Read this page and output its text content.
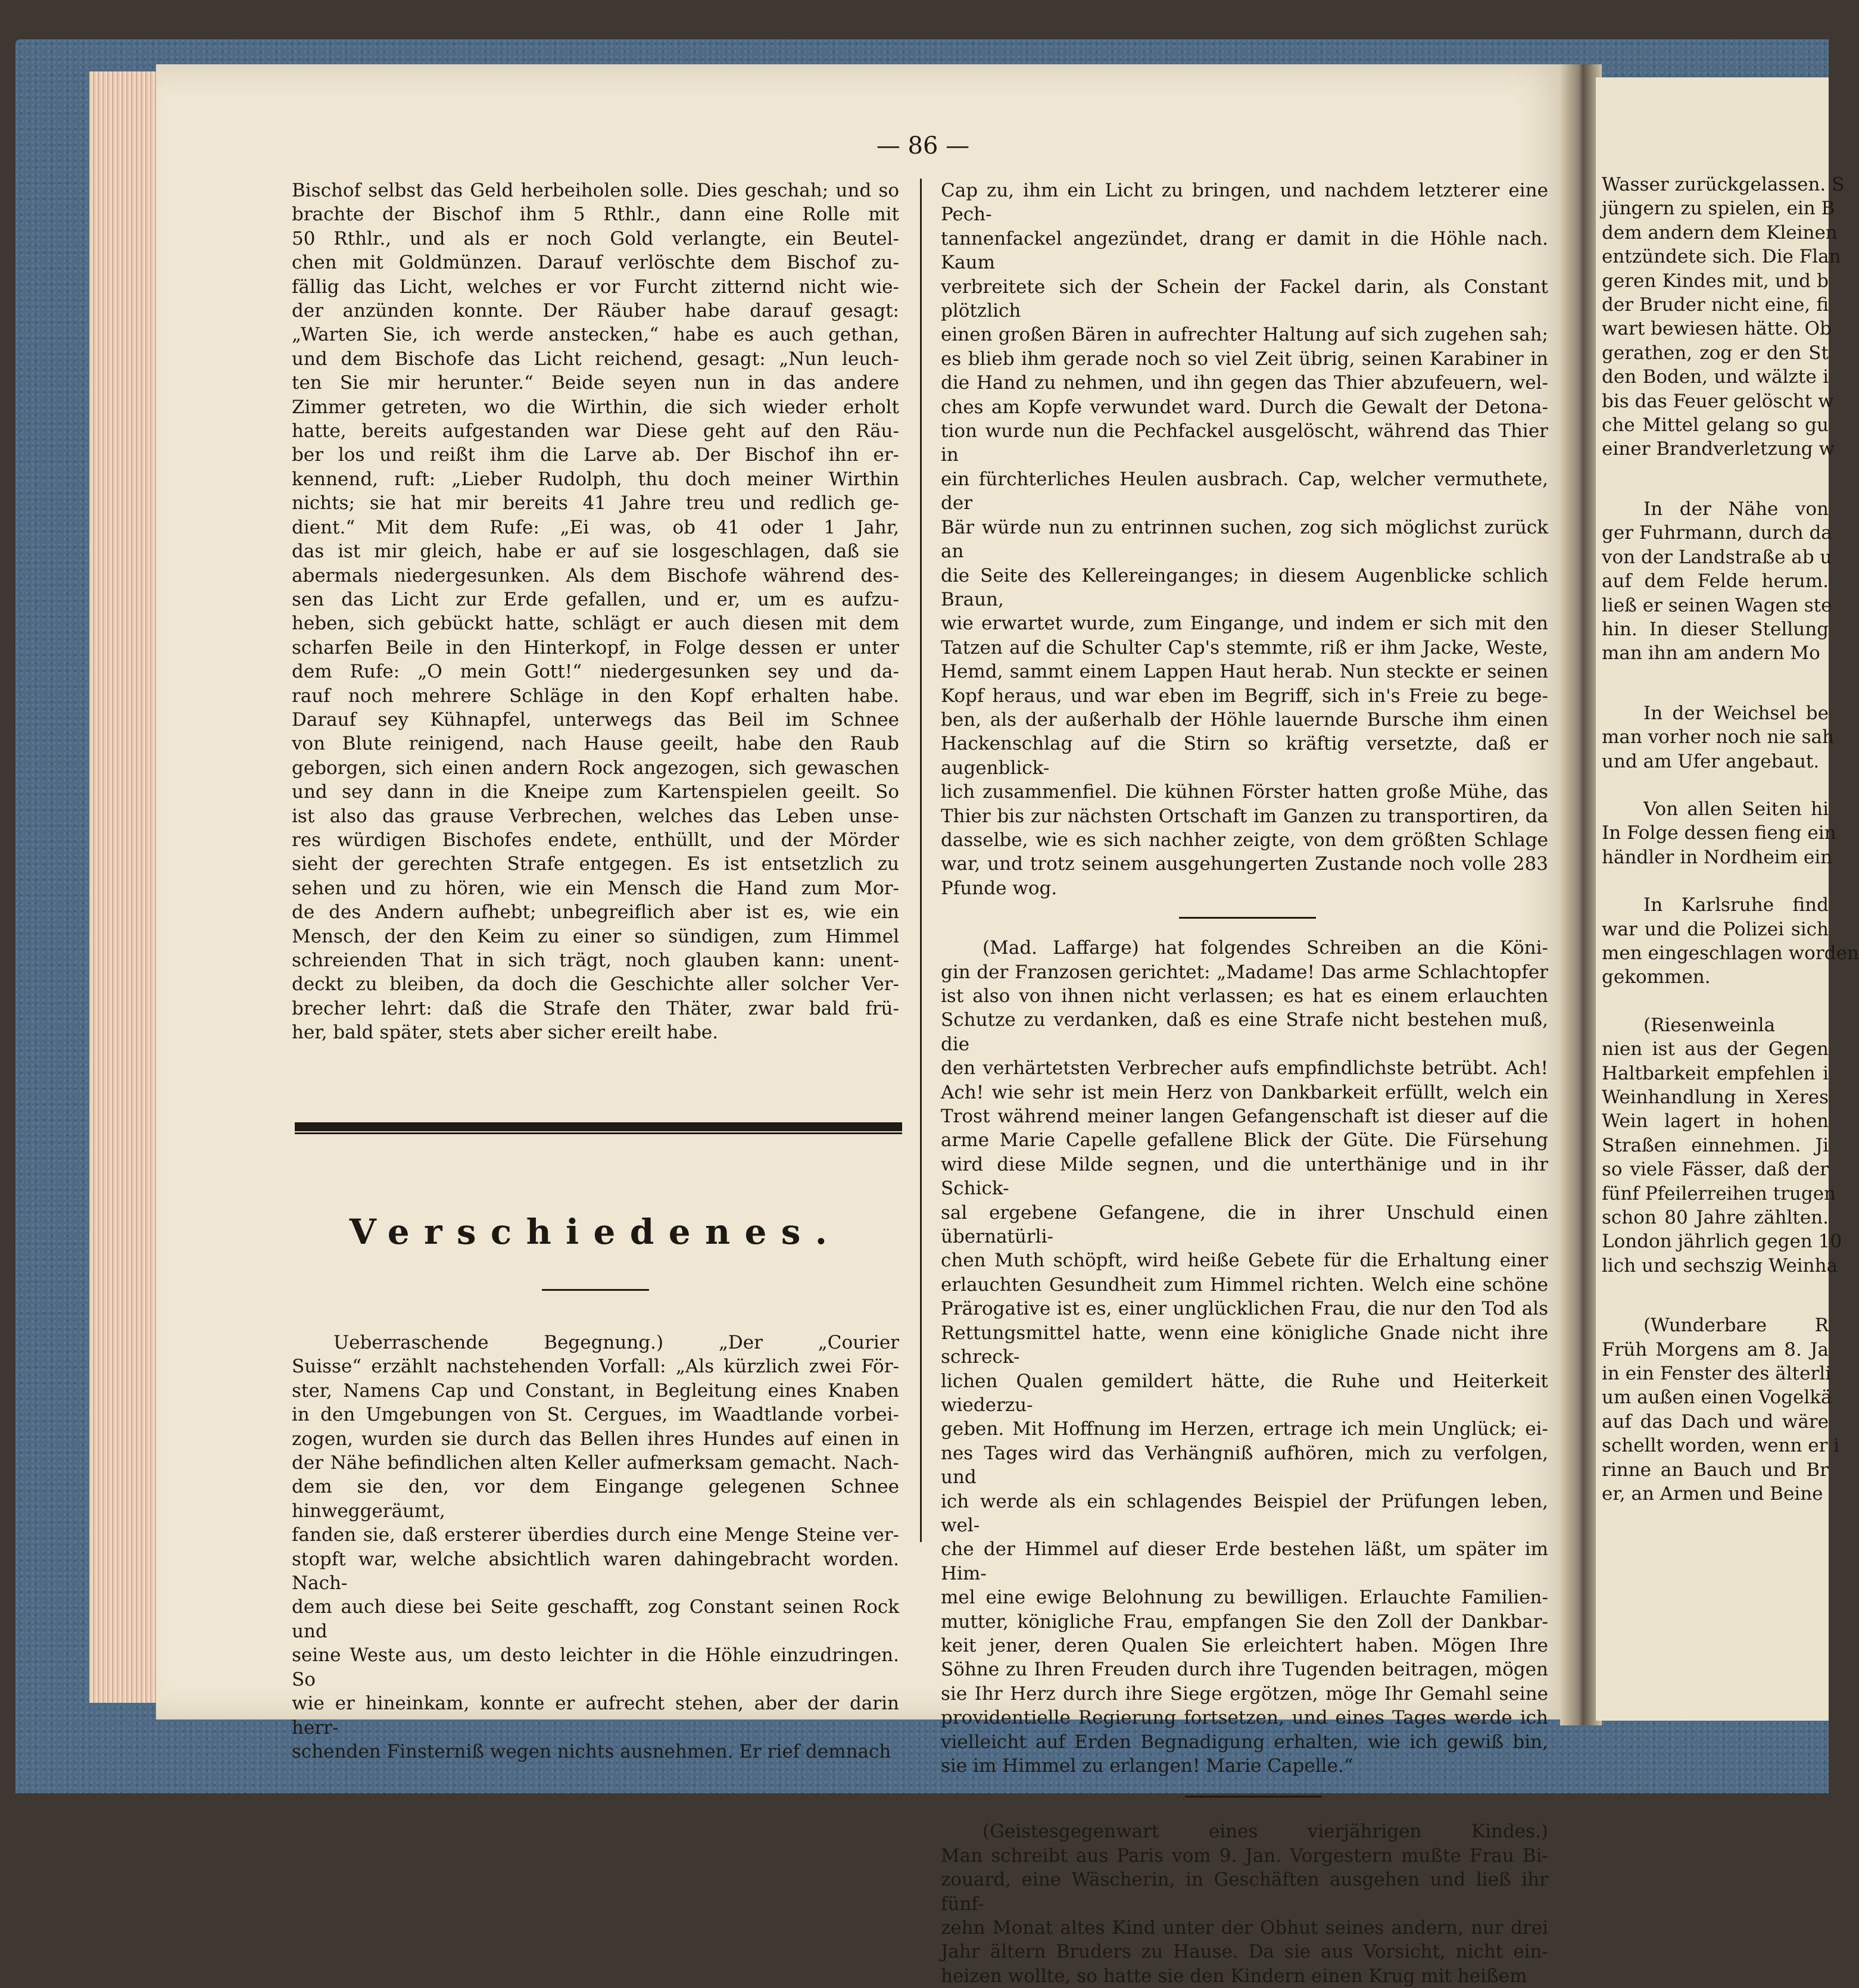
— 86 —

Bischof selbst das Geld herbeiholen solle. Dies geschah; und so

brachte der Bischof ihm 5 Rthlr., dann eine Rolle mit

50 Rthlr., und als er noch Gold verlangte, ein Beutel-

chen mit Goldmünzen. Darauf verlöschte dem Bischof zu-

fällig das Licht, welches er vor Furcht zitternd nicht wie-

der anzünden konnte. Der Räuber habe darauf gesagt:

„Warten Sie, ich werde anstecken,“ habe es auch gethan,

und dem Bischofe das Licht reichend, gesagt: „Nun leuch-

ten Sie mir herunter.“ Beide seyen nun in das andere

Zimmer getreten, wo die Wirthin, die sich wieder erholt

hatte, bereits aufgestanden war Diese geht auf den Räu-

ber los und reißt ihm die Larve ab. Der Bischof ihn er-

kennend, ruft: „Lieber Rudolph, thu doch meiner Wirthin

nichts; sie hat mir bereits 41 Jahre treu und redlich ge-

dient.“ Mit dem Rufe: „Ei was, ob 41 oder 1 Jahr,

das ist mir gleich, habe er auf sie losgeschlagen, daß sie

abermals niedergesunken. Als dem Bischofe während des-

sen das Licht zur Erde gefallen, und er, um es aufzu-

heben, sich gebückt hatte, schlägt er auch diesen mit dem

scharfen Beile in den Hinterkopf, in Folge dessen er unter

dem Rufe: „O mein Gott!“ niedergesunken sey und da-

rauf noch mehrere Schläge in den Kopf erhalten habe.

Darauf sey Kühnapfel, unterwegs das Beil im Schnee

von Blute reinigend, nach Hause geeilt, habe den Raub

geborgen, sich einen andern Rock angezogen, sich gewaschen

und sey dann in die Kneipe zum Kartenspielen geeilt. So

ist also das grause Verbrechen, welches das Leben unse-

res würdigen Bischofes endete, enthüllt, und der Mörder

sieht der gerechten Strafe entgegen. Es ist entsetzlich zu

sehen und zu hören, wie ein Mensch die Hand zum Mor-

de des Andern aufhebt; unbegreiflich aber ist es, wie ein

Mensch, der den Keim zu einer so sündigen, zum Himmel

schreienden That in sich trägt, noch glauben kann: unent-

deckt zu bleiben, da doch die Geschichte aller solcher Ver-

brecher lehrt: daß die Strafe den Thäter, zwar bald frü-

her, bald später, stets aber sicher ereilt habe.

Verschiedenes.

Ueberraschende Begegnung.) „Der „Courier

Suisse“ erzählt nachstehenden Vorfall: „Als kürzlich zwei För-

ster, Namens Cap und Constant, in Begleitung eines Knaben

in den Umgebungen von St. Cergues, im Waadtlande vorbei-

zogen, wurden sie durch das Bellen ihres Hundes auf einen in

der Nähe befindlichen alten Keller aufmerksam gemacht. Nach-

dem sie den, vor dem Eingange gelegenen Schnee hinweggeräumt,

fanden sie, daß ersterer überdies durch eine Menge Steine ver-

stopft war, welche absichtlich waren dahingebracht worden. Nach-

dem auch diese bei Seite geschafft, zog Constant seinen Rock und

seine Weste aus, um desto leichter in die Höhle einzudringen. So

wie er hineinkam, konnte er aufrecht stehen, aber der darin herr-

schenden Finsterniß wegen nichts ausnehmen. Er rief demnach

Cap zu, ihm ein Licht zu bringen, und nachdem letzterer eine Pech-

tannenfackel angezündet, drang er damit in die Höhle nach. Kaum

verbreitete sich der Schein der Fackel darin, als Constant plötzlich

einen großen Bären in aufrechter Haltung auf sich zugehen sah;

es blieb ihm gerade noch so viel Zeit übrig, seinen Karabiner in

die Hand zu nehmen, und ihn gegen das Thier abzufeuern, wel-

ches am Kopfe verwundet ward. Durch die Gewalt der Detona-

tion wurde nun die Pechfackel ausgelöscht, während das Thier in

ein fürchterliches Heulen ausbrach. Cap, welcher vermuthete, der

Bär würde nun zu entrinnen suchen, zog sich möglichst zurück an

die Seite des Kellereinganges; in diesem Augenblicke schlich Braun,

wie erwartet wurde, zum Eingange, und indem er sich mit den

Tatzen auf die Schulter Cap's stemmte, riß er ihm Jacke, Weste,

Hemd, sammt einem Lappen Haut herab. Nun steckte er seinen

Kopf heraus, und war eben im Begriff, sich in's Freie zu bege-

ben, als der außerhalb der Höhle lauernde Bursche ihm einen

Hackenschlag auf die Stirn so kräftig versetzte, daß er augenblick-

lich zusammenfiel. Die kühnen Förster hatten große Mühe, das

Thier bis zur nächsten Ortschaft im Ganzen zu transportiren, da

dasselbe, wie es sich nachher zeigte, von dem größten Schlage

war, und trotz seinem ausgehungerten Zustande noch volle 283

Pfunde wog.

(Mad. Laffarge) hat folgendes Schreiben an die Köni-

gin der Franzosen gerichtet: „Madame! Das arme Schlachtopfer

ist also von ihnen nicht verlassen; es hat es einem erlauchten

Schutze zu verdanken, daß es eine Strafe nicht bestehen muß, die

den verhärtetsten Verbrecher aufs empfindlichste betrübt. Ach!

Ach! wie sehr ist mein Herz von Dankbarkeit erfüllt, welch ein

Trost während meiner langen Gefangenschaft ist dieser auf die

arme Marie Capelle gefallene Blick der Güte. Die Fürsehung

wird diese Milde segnen, und die unterthänige und in ihr Schick-

sal ergebene Gefangene, die in ihrer Unschuld einen übernatürli-

chen Muth schöpft, wird heiße Gebete für die Erhaltung einer

erlauchten Gesundheit zum Himmel richten. Welch eine schöne

Prärogative ist es, einer unglücklichen Frau, die nur den Tod als

Rettungsmittel hatte, wenn eine königliche Gnade nicht ihre schreck-

lichen Qualen gemildert hätte, die Ruhe und Heiterkeit wiederzu-

geben. Mit Hoffnung im Herzen, ertrage ich mein Unglück; ei-

nes Tages wird das Verhängniß aufhören, mich zu verfolgen, und

ich werde als ein schlagendes Beispiel der Prüfungen leben, wel-

che der Himmel auf dieser Erde bestehen läßt, um später im Him-

mel eine ewige Belohnung zu bewilligen. Erlauchte Familien-

mutter, königliche Frau, empfangen Sie den Zoll der Dankbar-

keit jener, deren Qualen Sie erleichtert haben. Mögen Ihre

Söhne zu Ihren Freuden durch ihre Tugenden beitragen, mögen

sie Ihr Herz durch ihre Siege ergötzen, möge Ihr Gemahl seine

providentielle Regierung fortsetzen, und eines Tages werde ich

vielleicht auf Erden Begnadigung erhalten, wie ich gewiß bin,

sie im Himmel zu erlangen! Marie Capelle.“

(Geistesgegenwart eines vierjährigen Kindes.)

Man schreibt aus Paris vom 9. Jan. Vorgestern mußte Frau Bi-

zouard, eine Wäscherin, in Geschäften ausgehen und ließ ihr fünf-

zehn Monat altes Kind unter der Obhut seines andern, nur drei

Jahr ältern Bruders zu Hause. Da sie aus Vorsicht, nicht ein-

heizen wollte, so hatte sie den Kindern einen Krug mit heißem

Wasser zurückgelassen. S

jüngern zu spielen, ein B

dem andern dem Kleinen

entzündete sich. Die Flan

geren Kindes mit, und b

der Bruder nicht eine, fi

wart bewiesen hätte. Ob

gerathen, zog er den St

den Boden, und wälzte i

bis das Feuer gelöscht w

che Mittel gelang so gu

einer Brandverletzung w

In der Nähe von

ger Fuhrmann, durch da

von der Landstraße ab u

auf dem Felde herum.

ließ er seinen Wagen ste

hin. In dieser Stellung

man ihn am andern Mo

In der Weichsel be

man vorher noch nie sah

und am Ufer angebaut.

Von allen Seiten hi

In Folge dessen fieng ein

händler in Nordheim ein

In Karlsruhe find

war und die Polizei sich

men eingeschlagen worden

gekommen.

(Riesenweinla

nien ist aus der Gegen

Haltbarkeit empfehlen i

Weinhandlung in Xeres

Wein lagert in hohen

Straßen einnehmen. Ji

so viele Fässer, daß der

fünf Pfeilerreihen trugen

schon 80 Jahre zählten.

London jährlich gegen 10

lich und sechszig Weinha

(Wunderbare R

Früh Morgens am 8. Ja

in ein Fenster des älterli

um außen einen Vogelkä

auf das Dach und wäre

schellt worden, wenn er i

rinne an Bauch und Br

er, an Armen und Beine
